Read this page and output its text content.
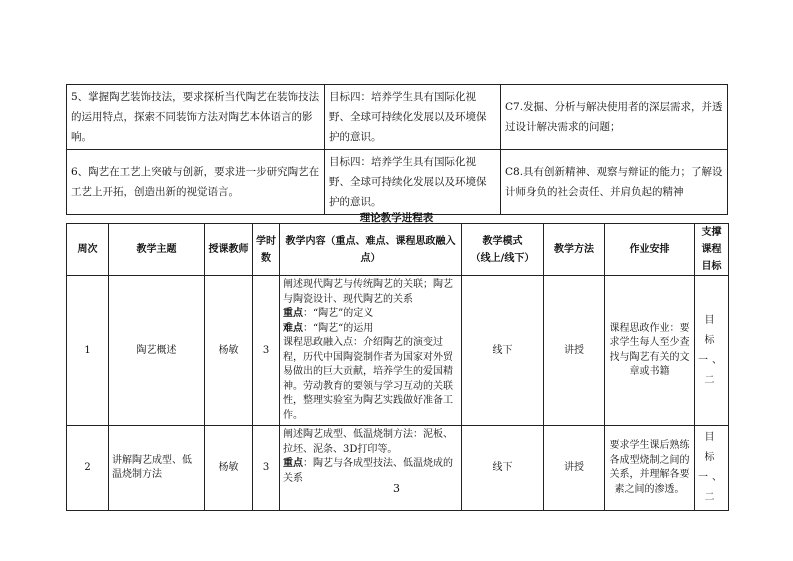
5、掌握陶艺装饰技法，要求探析当代陶艺在装饰技法的运用特点，探索不同装饰方法对陶艺本体语言的影响。	目标四：培养学生具有国际化视野、全球可持续化发展以及环境保护的意识。	C7.发掘、分析与解决使用者的深层需求，并透过设计解决需求的问题；
6、陶艺在工艺上突破与创新，要求进一步研究陶艺在工艺上开拓，创造出新的视觉语言。	目标四：培养学生具有国际化视野、全球可持续化发展以及环境保护的意识。	C8.具有创新精神、观察与辩证的能力；了解设计师身负的社会责任、并肩负起的精神
理论教学进程表
周次	教学主题	授课教师	学时数	教学内容（重点、难点、课程思政融入点）	教学模式
（线上/线下）	教学方法	作业安排	支撑课程目标
1	陶艺概述	杨敏	3	阐述现代陶艺与传统陶艺的关联；陶艺与陶瓷设计、现代陶艺的关系
重点：“陶艺”的定义
难点：“陶艺“的运用
课程思政融入点：介绍陶艺的演变过程，历代中国陶瓷制作者为国家对外贸易做出的巨大贡献，培养学生的爱国精神。劳动教育的要领与学习互动的关联性，整理实验室为陶艺实践做好准备工作。	线下	讲授	课程思政作业：要求学生每人至少查找与陶艺有关的文章或书籍	目标一、二
2	讲解陶艺成型、低温烧制方法	杨敏	3	阐述陶艺成型、低温烧制方法：泥板、拉坯、泥条、3D打印等。
重点：陶艺与各成型技法、低温烧成的关系	线下	讲授	要求学生课后熟练各成型烧制之间的关系，并理解各要素之间的渗透。	目标一、二
3
